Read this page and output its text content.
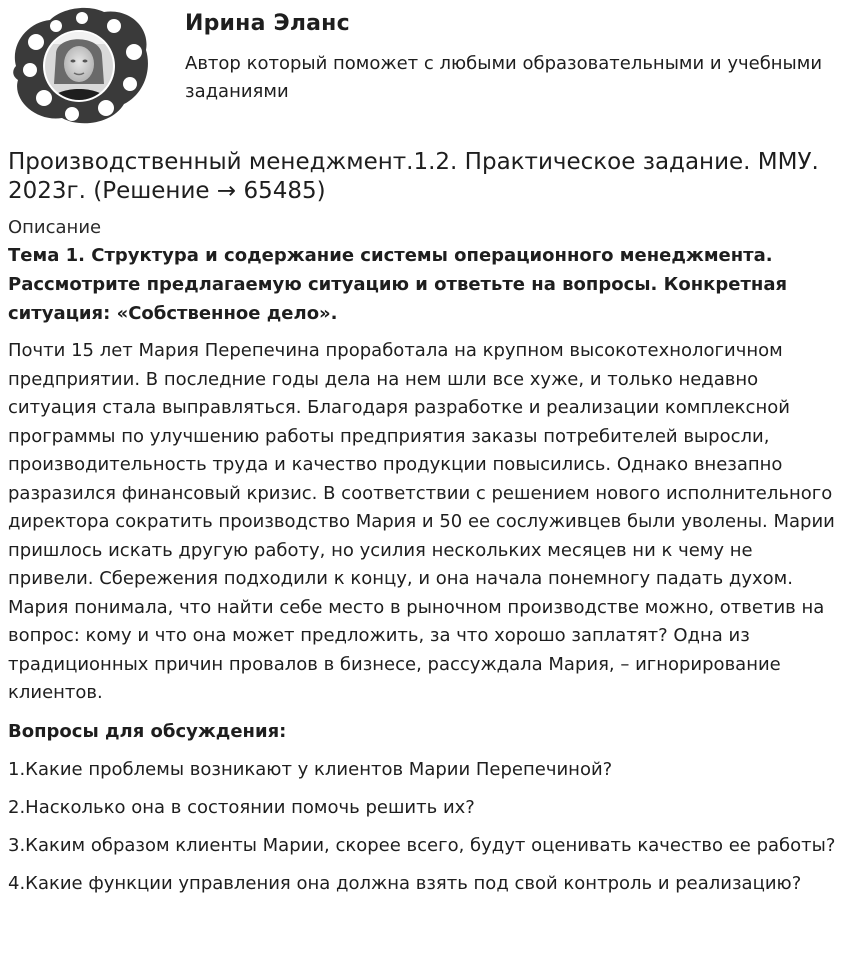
Ирина Эланс
Автор который поможет с любыми образовательными и учебными заданиями
Производственный менеджмент.1.2. Практическое задание. ММУ. 2023г. (Решение → 65485)
Описание
Тема 1. Структура и содержание системы операционного менеджмента. Рассмотрите предлагаемую ситуацию и ответьте на вопросы. Конкретная ситуация: «Собственное дело».
Почти 15 лет Мария Перепечина проработала на крупном высокотехнологичном предприятии. В последние годы дела на нем шли все хуже, и только недавно ситуация стала выправляться. Благодаря разработке и реализации комплексной программы по улучшению работы предприятия заказы потребителей выросли, производительность труда и качество продукции повысились. Однако внезапно разразился финансовый кризис. В соответствии с решением нового исполнительного директора сократить производство Мария и 50 ее сослуживцев были уволены. Марии пришлось искать другую работу, но усилия нескольких месяцев ни к чему не привели. Сбережения подходили к концу, и она начала понемногу падать духом. Мария понимала, что найти себе место в рыночном производстве можно, ответив на вопрос: кому и что она может предложить, за что хорошо заплатят? Одна из традиционных причин провалов в бизнесе, рассуждала Мария, – игнорирование клиентов.
Вопросы для обсуждения:
1.Какие проблемы возникают у клиентов Марии Перепечиной?
2.Насколько она в состоянии помочь решить их?
3.Каким образом клиенты Марии, скорее всего, будут оценивать качество ее работы?
4.Какие функции управления она должна взять под свой контроль и реализацию?
